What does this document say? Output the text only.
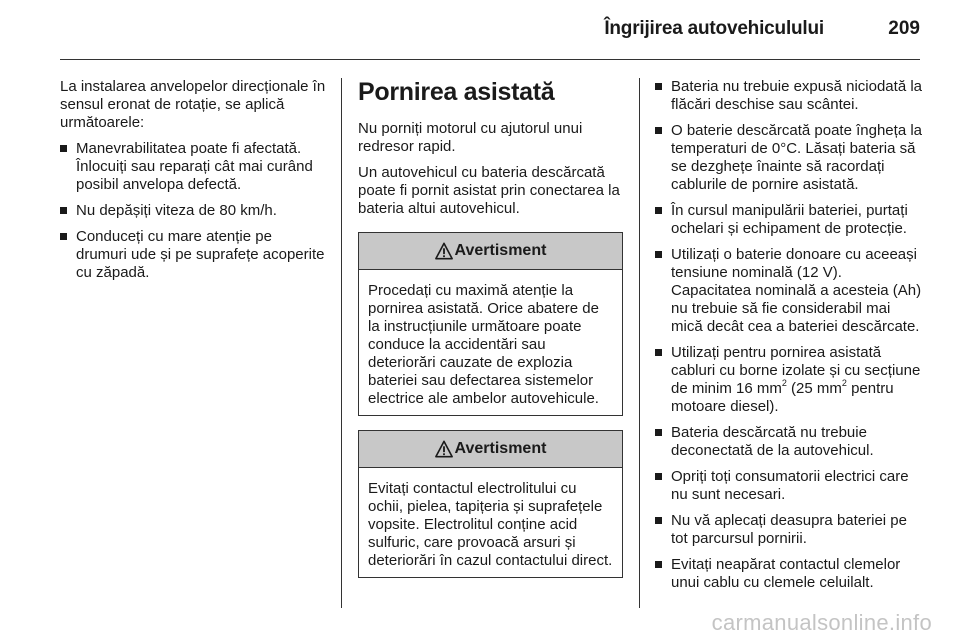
Îngrijirea autovehiculului	209

La instalarea anvelopelor direcționale în sensul eronat de rotație, se aplică următoarele:

Manevrabilitatea poate fi afectată. Înlocuiți sau reparați cât mai curând posibil anvelopa defectă.
Nu depășiți viteza de 80 km/h.
Conduceți cu mare atenție pe drumuri ude și pe suprafețe acoperite cu zăpadă.
Pornirea asistată

Nu porniți motorul cu ajutorul unui redresor rapid.

Un autovehicul cu bateria descărcată poate fi pornit asistat prin conectarea la bateria altui autovehicul.

Avertisment
Procedați cu maximă atenție la pornirea asistată. Orice abatere de la instrucțiunile următoare poate conduce la accidentări sau deteriorări cauzate de explozia bateriei sau defectarea sistemelor electrice ale ambelor autovehicule.
Avertisment
Evitați contactul electrolitului cu ochii, pielea, tapițeria și suprafețele vopsite. Electrolitul conține acid sulfuric, care provoacă arsuri și deteriorări în cazul contactului direct.
Bateria nu trebuie expusă niciodată la flăcări deschise sau scântei.
O baterie descărcată poate îngheța la temperaturi de 0°C. Lăsați bateria să se dezghețe înainte să racordați cablurile de pornire asistată.
În cursul manipulării bateriei, purtați ochelari și echipament de protecție.
Utilizați o baterie donoare cu aceeași tensiune nominală (12 V). Capacitatea nominală a acesteia (Ah) nu trebuie să fie considerabil mai mică decât cea a bateriei descărcate.
Utilizați pentru pornirea asistată cabluri cu borne izolate și cu secțiune de minim 16 $mm^2$ (25 $mm^2$ pentru motoare diesel).
Bateria descărcată nu trebuie deconectată de la autovehicul.
Opriți toți consumatorii electrici care nu sunt necesari.
Nu vă aplecați deasupra bateriei pe tot parcursul pornirii.
Evitați neapărat contactul clemelor unui cablu cu clemele celuilalt.
carmanualsonline.info
